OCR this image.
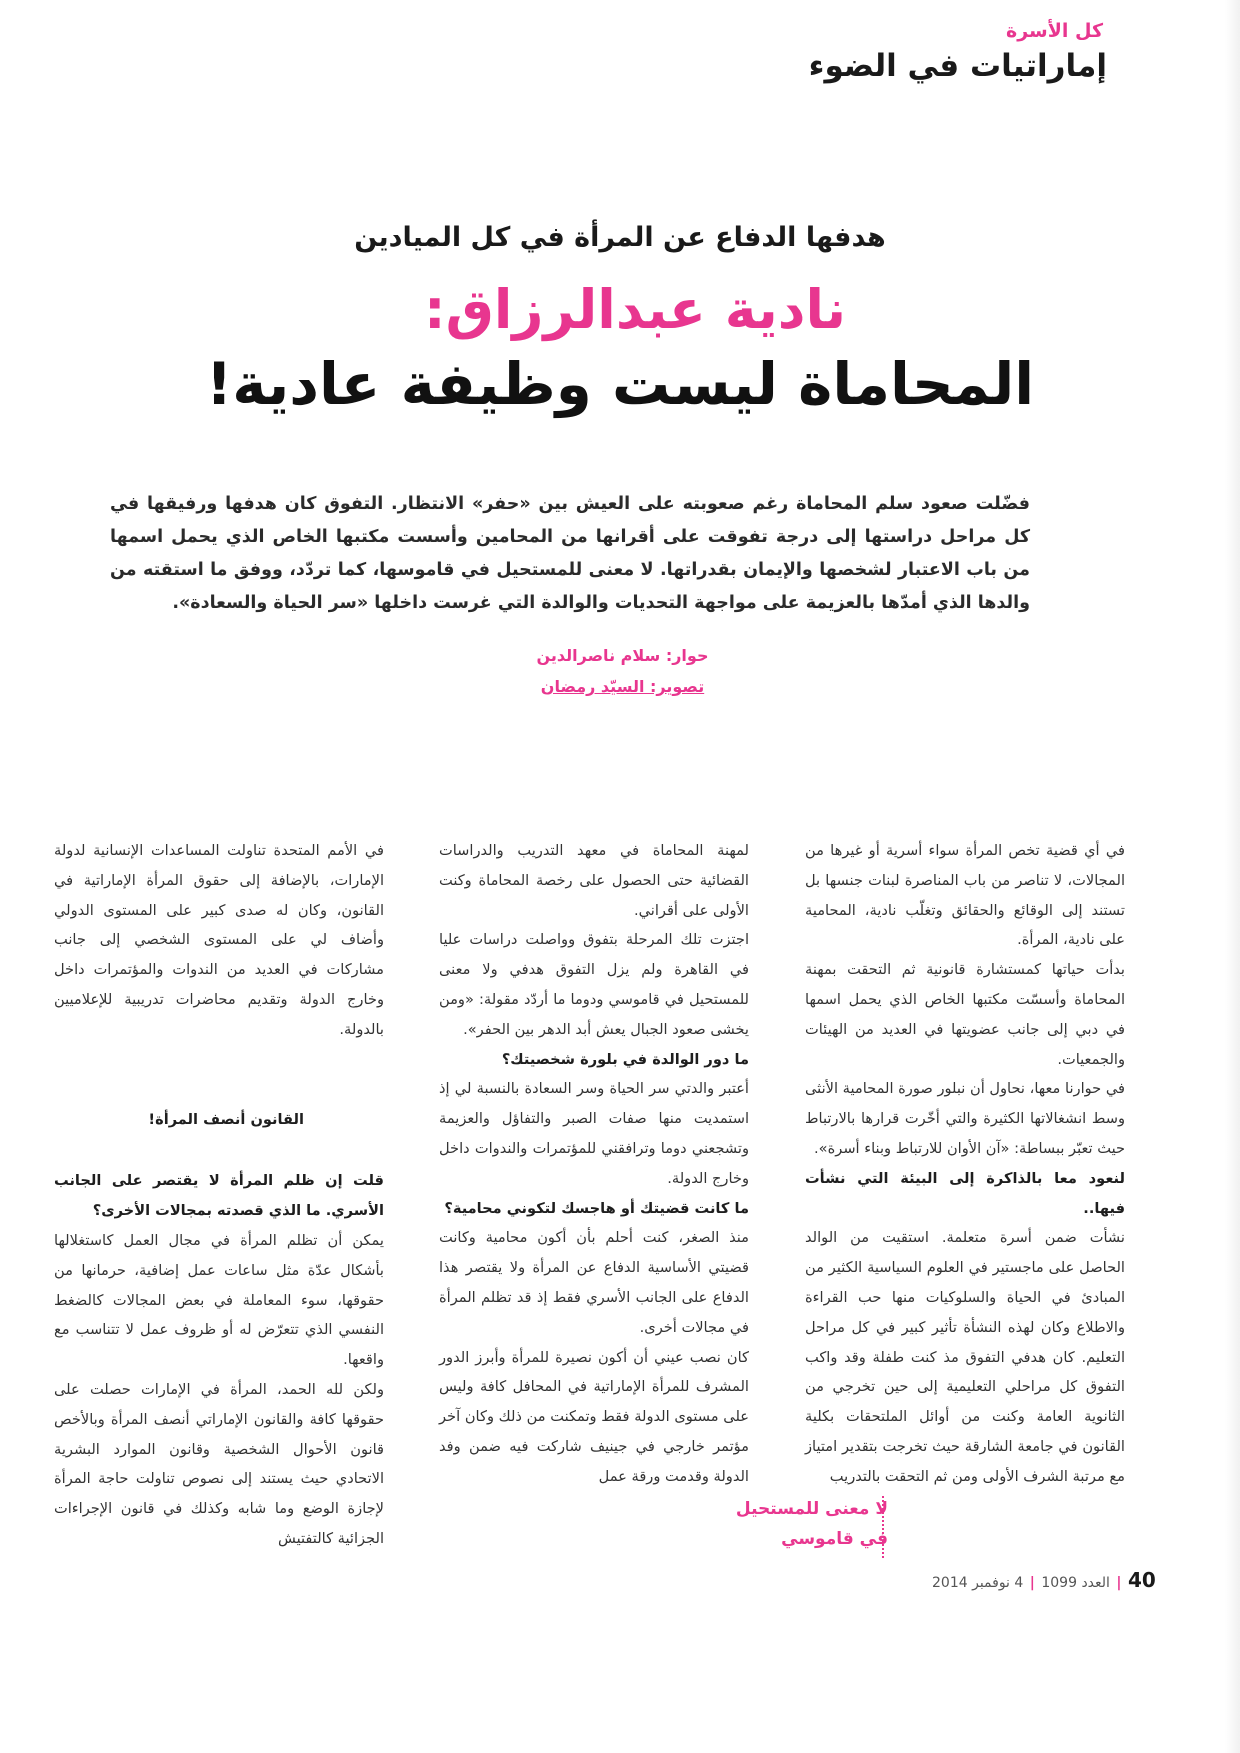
كل الأسرة
إماراتيات في الضوء
هدفها الدفاع عن المرأة في كل الميادين
نادية عبدالرزاق:
المحاماة ليست وظيفة عادية!
فضّلت صعود سلم المحاماة رغم صعوبته على العيش بين «حفر» الانتظار. التفوق كان هدفها ورفيقها في كل مراحل دراستها إلى درجة تفوقت على أقرانها من المحامين وأسست مكتبها الخاص الذي يحمل اسمها من باب الاعتبار لشخصها والإيمان بقدراتها. لا معنى للمستحيل في قاموسها، كما تردّد، ووفق ما استقته من والدها الذي أمدّها بالعزيمة على مواجهة التحديات والوالدة التي غرست داخلها «سر الحياة والسعادة».
حوار: سلام ناصرالدين
تصوير: السيّد رمضان

في أي قضية تخص المرأة سواء أسرية أو غيرها من المجالات، لا تناصر من باب المناصرة لبنات جنسها بل تستند إلى الوقائع والحقائق وتغلّب نادية، المحامية على نادية، المرأة.

بدأت حياتها كمستشارة قانونية ثم التحقت بمهنة المحاماة وأسسّت مكتبها الخاص الذي يحمل اسمها في دبي إلى جانب عضويتها في العديد من الهيئات والجمعيات.

في حوارنا معها، نحاول أن نبلور صورة المحامية الأنثى وسط انشغالاتها الكثيرة والتي أخّرت قرارها بالارتباط حيث تعبّر ببساطة: «آن الأوان للارتباط وبناء أسرة».

لنعود معا بالذاكرة إلى البيئة التي نشأت فيها..

نشأت ضمن أسرة متعلمة. استقيت من الوالد الحاصل على ماجستير في العلوم السياسية الكثير من المبادئ في الحياة والسلوكيات منها حب القراءة والاطلاع وكان لهذه النشأة تأثير كبير في كل مراحل التعليم. كان هدفي التفوق مذ كنت طفلة وقد واكب التفوق كل مراحلي التعليمية إلى حين تخرجي من الثانوية العامة وكنت من أوائل الملتحقات بكلية القانون في جامعة الشارقة حيث تخرجت بتقدير امتياز مع مرتبة الشرف الأولى ومن ثم التحقت بالتدريب

لمهنة المحاماة في معهد التدريب والدراسات القضائية حتى الحصول على رخصة المحاماة وكنت الأولى على أقراني.

اجتزت تلك المرحلة بتفوق وواصلت دراسات عليا في القاهرة ولم يزل التفوق هدفي ولا معنى للمستحيل في قاموسي ودوما ما أردّد مقولة: «ومن يخشى صعود الجبال يعش أبد الدهر بين الحفر».

ما دور الوالدة في بلورة شخصيتك؟

أعتبر والدتي سر الحياة وسر السعادة بالنسبة لي إذ استمديت منها صفات الصبر والتفاؤل والعزيمة وتشجعني دوما وترافقني للمؤتمرات والندوات داخل وخارج الدولة.

ما كانت قضيتك أو هاجسك لتكوني محامية؟

منذ الصغر، كنت أحلم بأن أكون محامية وكانت قضيتي الأساسية الدفاع عن المرأة ولا يقتصر هذا الدفاع على الجانب الأسري فقط إذ قد تظلم المرأة في مجالات أخرى.

كان نصب عيني أن أكون نصيرة للمرأة وأبرز الدور المشرف للمرأة الإماراتية في المحافل كافة وليس على مستوى الدولة فقط وتمكنت من ذلك وكان آخر مؤتمر خارجي في جينيف شاركت فيه ضمن وفد الدولة وقدمت ورقة عمل

في الأمم المتحدة تناولت المساعدات الإنسانية لدولة الإمارات، بالإضافة إلى حقوق المرأة الإماراتية في القانون، وكان له صدى كبير على المستوى الدولي وأضاف لي على المستوى الشخصي إلى جانب مشاركات في العديد من الندوات والمؤتمرات داخل وخارج الدولة وتقديم محاضرات تدريبية للإعلاميين بالدولة.

القانون أنصف المرأة!

قلت إن ظلم المرأة لا يقتصر على الجانب الأسري. ما الذي قصدته بمجالات الأخرى؟

يمكن أن تظلم المرأة في مجال العمل كاستغلالها بأشكال عدّة مثل ساعات عمل إضافية، حرمانها من حقوقها، سوء المعاملة في بعض المجالات كالضغط النفسي الذي تتعرّض له أو ظروف عمل لا تتناسب مع واقعها.

ولكن لله الحمد، المرأة في الإمارات حصلت على حقوقها كافة والقانون الإماراتي أنصف المرأة وبالأخص قانون الأحوال الشخصية وقانون الموارد البشرية الاتحادي حيث يستند إلى نصوص تناولت حاجة المرأة لإجازة الوضع وما شابه وكذلك في قانون الإجراءات الجزائية كالتفتيش

لا معنى للمستحيل في قاموسي
40 | العدد 1099 | 4 نوفمبر 2014
